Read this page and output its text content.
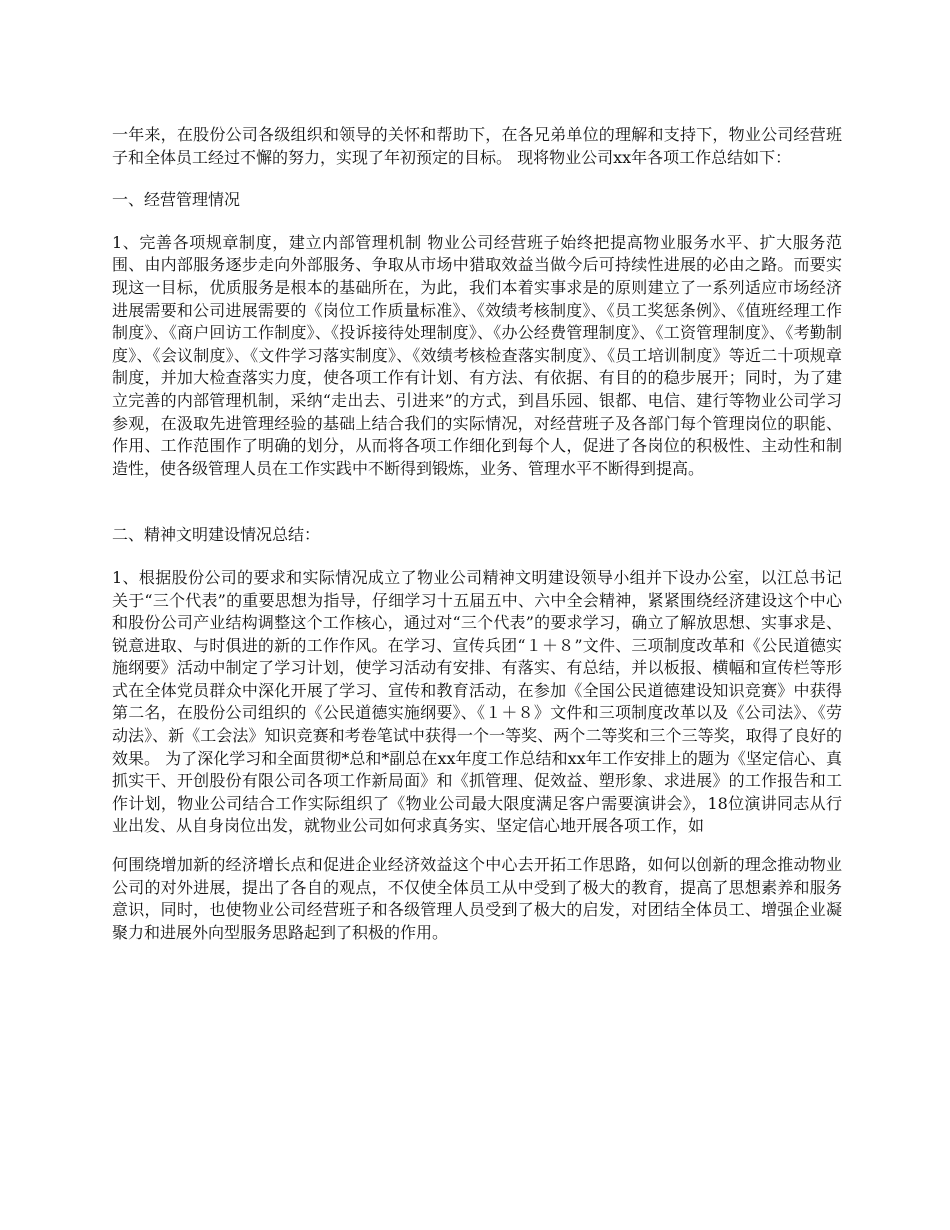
一年来，在股份公司各级组织和领导的关怀和帮助下，在各兄弟单位的理解和支持下，物业公司经营班子和全体员工经过不懈的努力，实现了年初预定的目标。 现将物业公司xx年各项工作总结如下：

一、经营管理情况

1、完善各项规章制度，建立内部管理机制 物业公司经营班子始终把提高物业服务水平、扩大服务范围、由内部服务逐步走向外部服务、争取从市场中猎取效益当做今后可持续性进展的必由之路。而要实现这一目标，优质服务是根本的基础所在，为此，我们本着实事求是的原则建立了一系列适应市场经济进展需要和公司进展需要的《岗位工作质量标准》、《效绩考核制度》、《员工奖惩条例》、《值班经理工作制度》、《商户回访工作制度》、《投诉接待处理制度》、《办公经费管理制度》、《工资管理制度》、《考勤制度》、《会议制度》、《文件学习落实制度》、《效绩考核检查落实制度》、《员工培训制度》等近二十项规章制度，并加大检查落实力度，使各项工作有计划、有方法、有依据、有目的的稳步展开；同时，为了建立完善的内部管理机制，采纳“走出去、引进来”的方式，到昌乐园、银都、电信、建行等物业公司学习参观，在汲取先进管理经验的基础上结合我们的实际情况，对经营班子及各部门每个管理岗位的职能、作用、工作范围作了明确的划分，从而将各项工作细化到每个人，促进了各岗位的积极性、主动性和制造性，使各级管理人员在工作实践中不断得到锻炼，业务、管理水平不断得到提高。

二、精神文明建设情况总结：

1、根据股份公司的要求和实际情况成立了物业公司精神文明建设领导小组并下设办公室，以江总书记关于“三个代表”的重要思想为指导，仔细学习十五届五中、六中全会精神，紧紧围绕经济建设这个中心和股份公司产业结构调整这个工作核心，通过对“三个代表”的要求学习，确立了解放思想、实事求是、锐意进取、与时俱进的新的工作作风。在学习、宣传兵团“１＋８”文件、三项制度改革和《公民道德实施纲要》活动中制定了学习计划，使学习活动有安排、有落实、有总结，并以板报、横幅和宣传栏等形式在全体党员群众中深化开展了学习、宣传和教育活动，在参加《全国公民道德建设知识竞赛》中获得第二名，在股份公司组织的《公民道德实施纲要》、《１＋８》文件和三项制度改革以及《公司法》、《劳动法》、新《工会法》知识竞赛和考卷笔试中获得一个一等奖、两个二等奖和三个三等奖，取得了良好的效果。 为了深化学习和全面贯彻*总和*副总在xx年度工作总结和xx年工作安排上的题为《坚定信心、真抓实干、开创股份有限公司各项工作新局面》和《抓管理、促效益、塑形象、求进展》的工作报告和工作计划，物业公司结合工作实际组织了《物业公司最大限度满足客户需要演讲会》，18位演讲同志从行业出发、从自身岗位出发，就物业公司如何求真务实、坚定信心地开展各项工作，如

何围绕增加新的经济增长点和促进企业经济效益这个中心去开拓工作思路，如何以创新的理念推动物业公司的对外进展，提出了各自的观点，不仅使全体员工从中受到了极大的教育，提高了思想素养和服务意识，同时，也使物业公司经营班子和各级管理人员受到了极大的启发，对团结全体员工、增强企业凝聚力和进展外向型服务思路起到了积极的作用。
